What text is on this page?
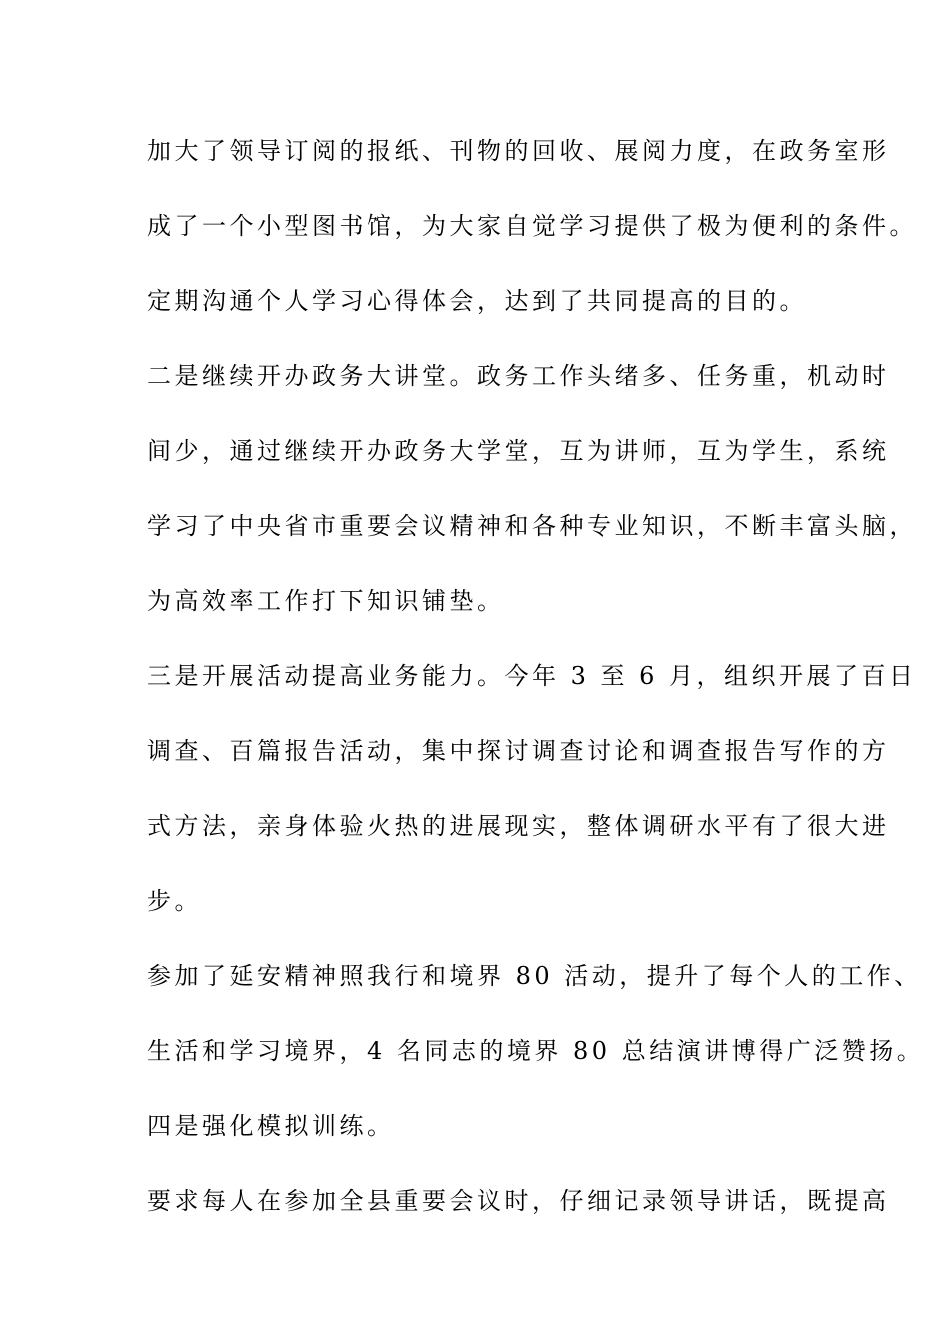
加大了领导订阅的报纸、刊物的回收、展阅力度，在政务室形
成了一个小型图书馆，为大家自觉学习提供了极为便利的条件。
定期沟通个人学习心得体会，达到了共同提高的目的。
二是继续开办政务大讲堂。政务工作头绪多、任务重，机动时
间少，通过继续开办政务大学堂，互为讲师，互为学生，系统
学习了中央省市重要会议精神和各种专业知识，不断丰富头脑，
为高效率工作打下知识铺垫。
三是开展活动提高业务能力。今年 3 至 6 月，组织开展了百日
调查、百篇报告活动，集中探讨调查讨论和调查报告写作的方
式方法，亲身体验火热的进展现实，整体调研水平有了很大进
步。
参加了延安精神照我行和境界 80 活动，提升了每个人的工作、
生活和学习境界，4 名同志的境界 80 总结演讲博得广泛赞扬。
四是强化模拟训练。
要求每人在参加全县重要会议时，仔细记录领导讲话，既提高
